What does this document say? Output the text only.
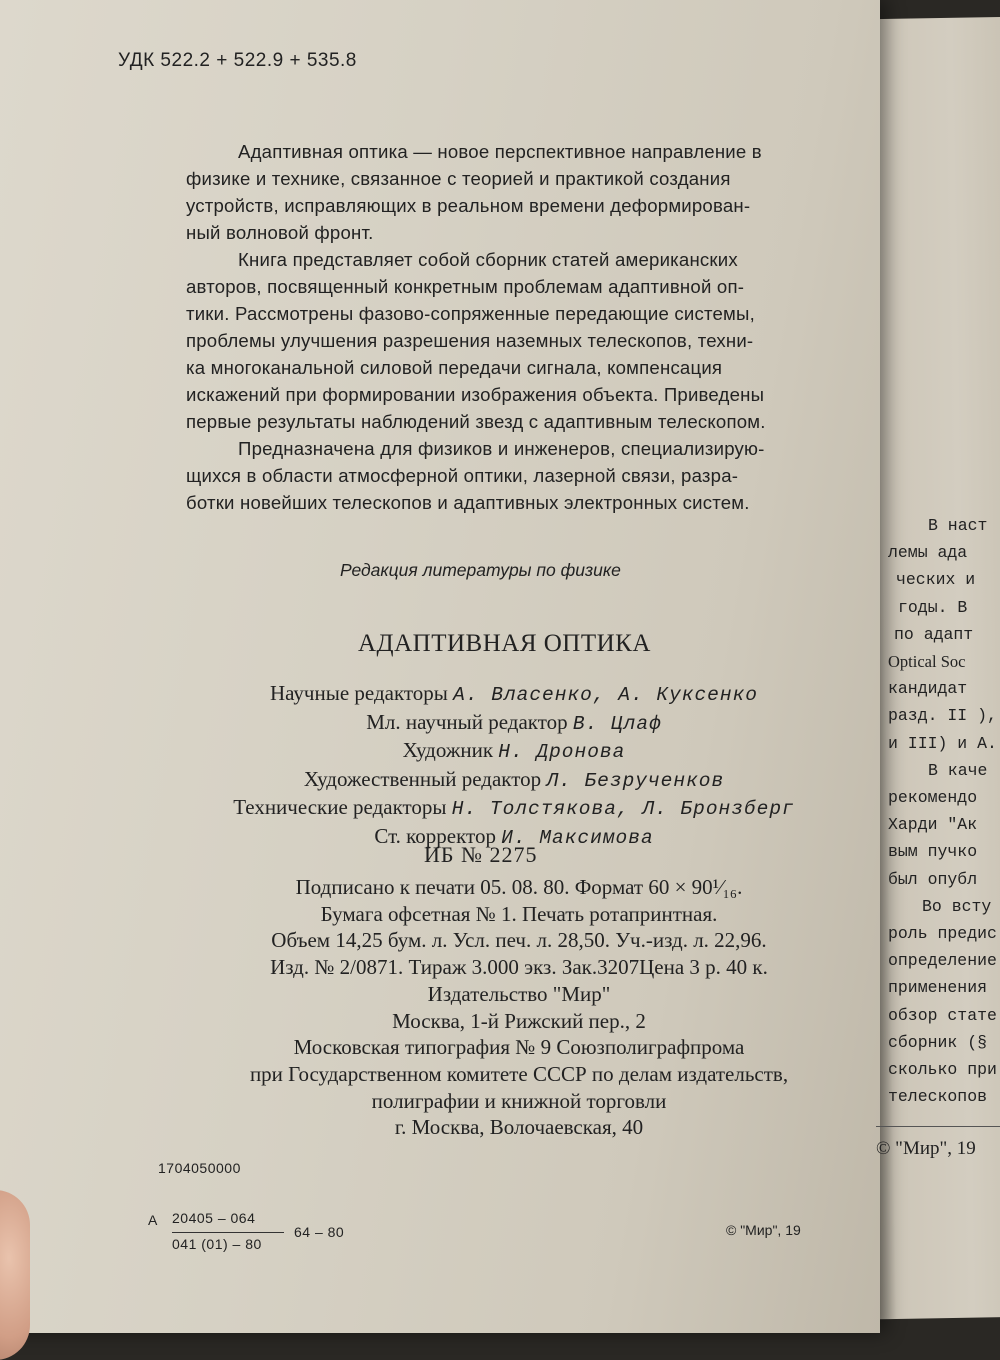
УДК 522.2 + 522.9 + 535.8
Адаптивная оптика — новое перспективное направление в
физике и технике, связанное с теорией и практикой создания
устройств, исправляющих в реальном времени деформирован-
ный волновой фронт.
Книга представляет собой сборник статей американских
авторов, посвященный конкретным проблемам адаптивной оп-
тики. Рассмотрены фазово-сопряженные передающие системы,
проблемы улучшения разрешения наземных телескопов, техни-
ка многоканальной силовой передачи сигнала, компенсация
искажений при формировании изображения объекта. Приведены
первые результаты наблюдений звезд с адаптивным телескопом.
Предназначена для физиков и инженеров, специализирую-
щихся в области атмосферной оптики, лазерной связи, разра-
ботки новейших телескопов и адаптивных электронных систем.
Редакция литературы по физике
АДАПТИВНАЯ ОПТИКА
Научные редакторы А. Власенко, А. Куксенко
Мл. научный редактор В. Цлаф
Художник Н. Дронова
Художественный редактор Л. Безрученков
Технические редакторы Н. Толстякова, Л. Бронзберг
Ст. корректор И. Максимова
ИБ № 2275
Подписано к печати 05. 08. 80. Формат 60 × 90¹⁄₁₆.
Бумага офсетная № 1. Печать ротапринтная.
Объем 14,25 бум. л. Усл. печ. л. 28,50. Уч.-изд. л. 22,96.
Изд. № 2/0871. Тираж 3.000 экз. Зак.3207Цена 3 р. 40 к.
Издательство "Мир"
Москва, 1-й Рижский пер., 2
Московская типография № 9 Союзполиграфпрома
при Государственном комитете СССР по делам издательств,
полиграфии и книжной торговли
г. Москва, Волочаевская, 40
1704050000
А 20405 – 064
041 (01) – 80
64 – 80	© "Мир", 19
В наст
лемы ада
ческих и
годы. В
по адапт
Optical Soc
кандидат
разд. II ),
и III) и А.
В каче
рекомендо
Харди "Ак
вым пучко
был опубл
Во всту
роль предис
определение
применения
обзор стате
сборник (§
сколько при
телескопов
© "Мир", 19
